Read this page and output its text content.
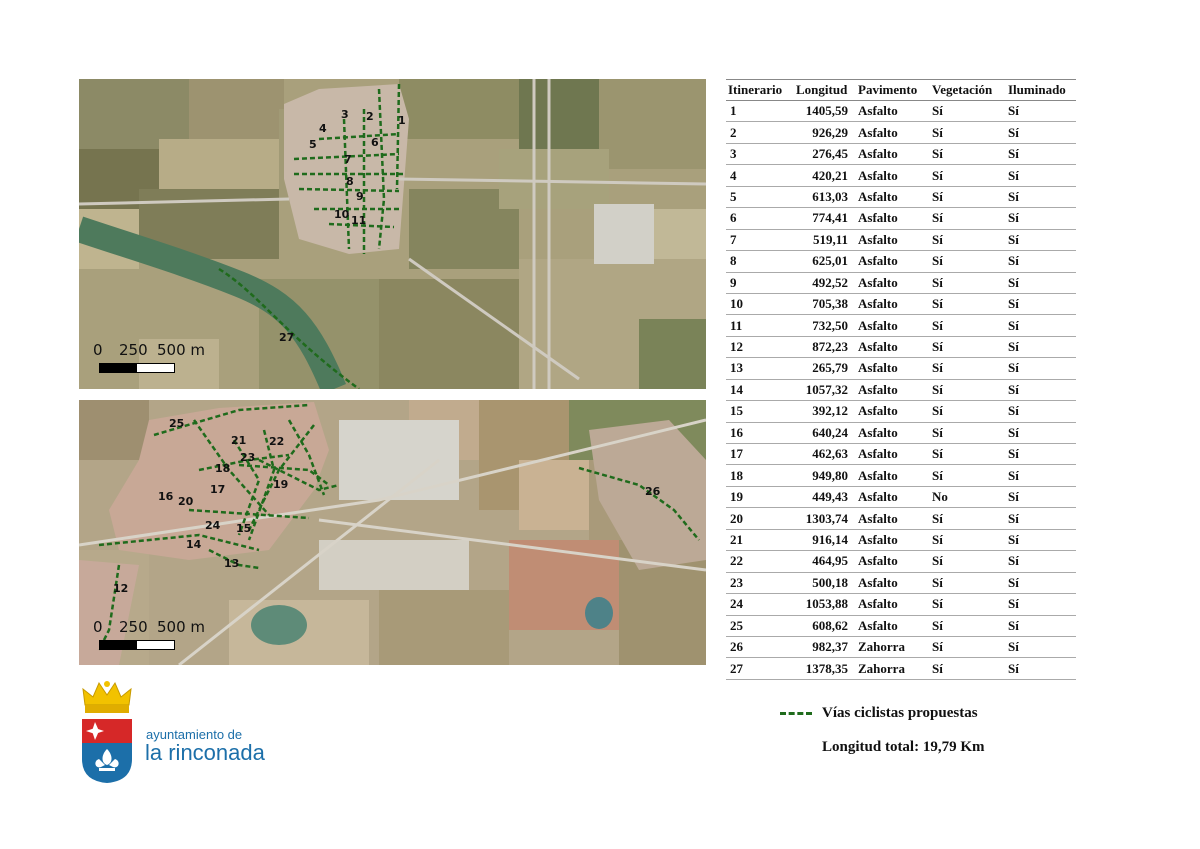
1
2
3
4
5	6
7
8
9
10 11
27
0	250 500 m
12
13
14
15
16
17
18
19
20
21 22
23
24
25
26
0	250 500 m
Itinerario	Longitud	Pavimento	Vegetación	Iluminado
1	1405,59	Asfalto	Sí	Sí
2	926,29	Asfalto	Sí	Sí
3	276,45	Asfalto	Sí	Sí
4	420,21	Asfalto	Sí	Sí
5	613,03	Asfalto	Sí	Sí
6	774,41	Asfalto	Sí	Sí
7	519,11	Asfalto	Sí	Sí
8	625,01	Asfalto	Sí	Sí
9	492,52	Asfalto	Sí	Sí
10	705,38	Asfalto	Sí	Sí
11	732,50	Asfalto	Sí	Sí
12	872,23	Asfalto	Sí	Sí
13	265,79	Asfalto	Sí	Sí
14	1057,32	Asfalto	Sí	Sí
15	392,12	Asfalto	Sí	Sí
16	640,24	Asfalto	Sí	Sí
17	462,63	Asfalto	Sí	Sí
18	949,80	Asfalto	Sí	Sí
19	449,43	Asfalto	No	Sí
20	1303,74	Asfalto	Sí	Sí
21	916,14	Asfalto	Sí	Sí
22	464,95	Asfalto	Sí	Sí
23	500,18	Asfalto	Sí	Sí
24	1053,88	Asfalto	Sí	Sí
25	608,62	Asfalto	Sí	Sí
26	982,37	Zahorra	Sí	Sí
27	1378,35	Zahorra	Sí	Sí
Vías ciclistas propuestas
Longitud total: 19,79 Km
ayuntamiento de
la rinconada
